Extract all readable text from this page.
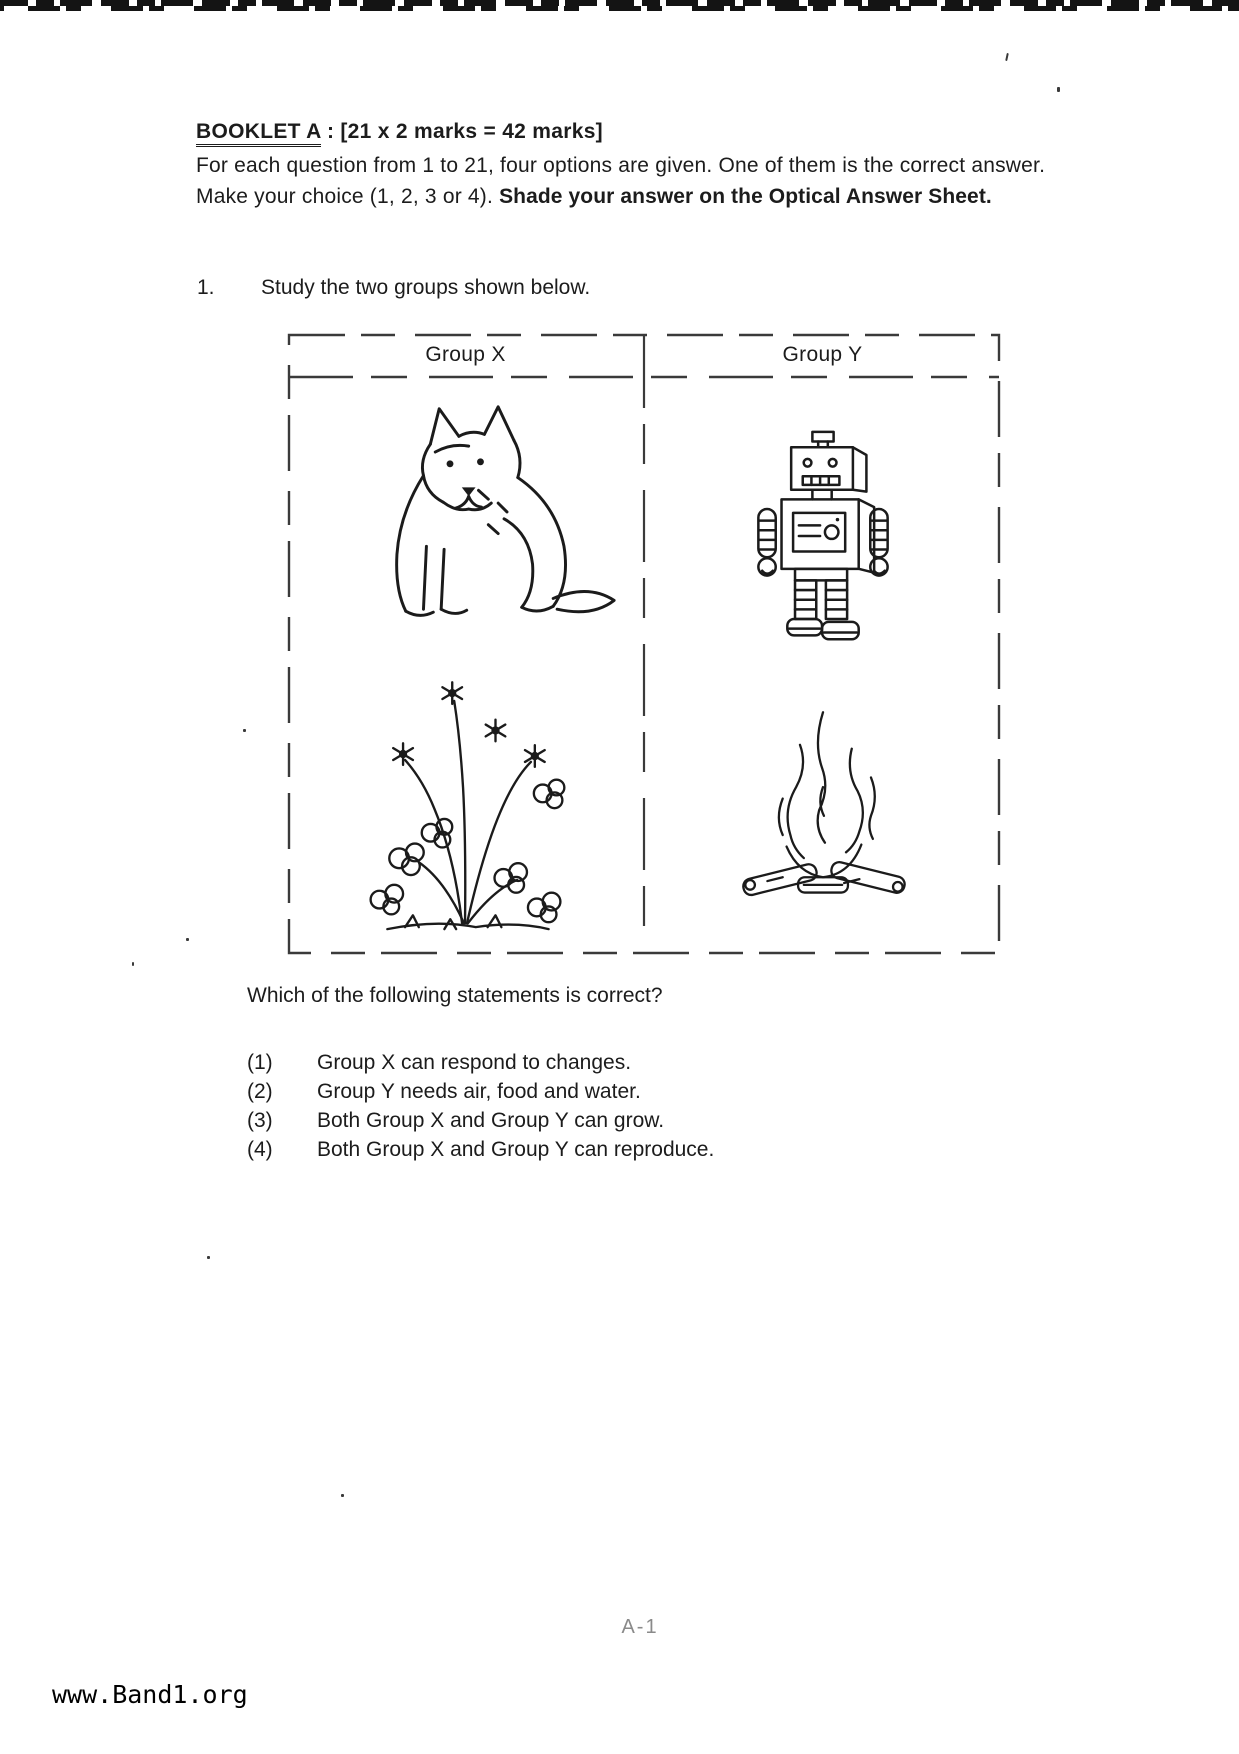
BOOKLET A : [21 x 2 marks = 42 marks]

For each question from 1 to 21, four options are given. One of them is the correct answer. Make your choice (1, 2, 3 or 4). Shade your answer on the Optical Answer Sheet.

1. Study the two groups shown below.
Group X	Group Y
Which of the following statements is correct?
(1)	Group X can respond to changes.
(2)	Group Y needs air, food and water.
(3)	Both Group X and Group Y can grow.
(4)	Both Group X and Group Y can reproduce.
A-1
www.Band1.org
